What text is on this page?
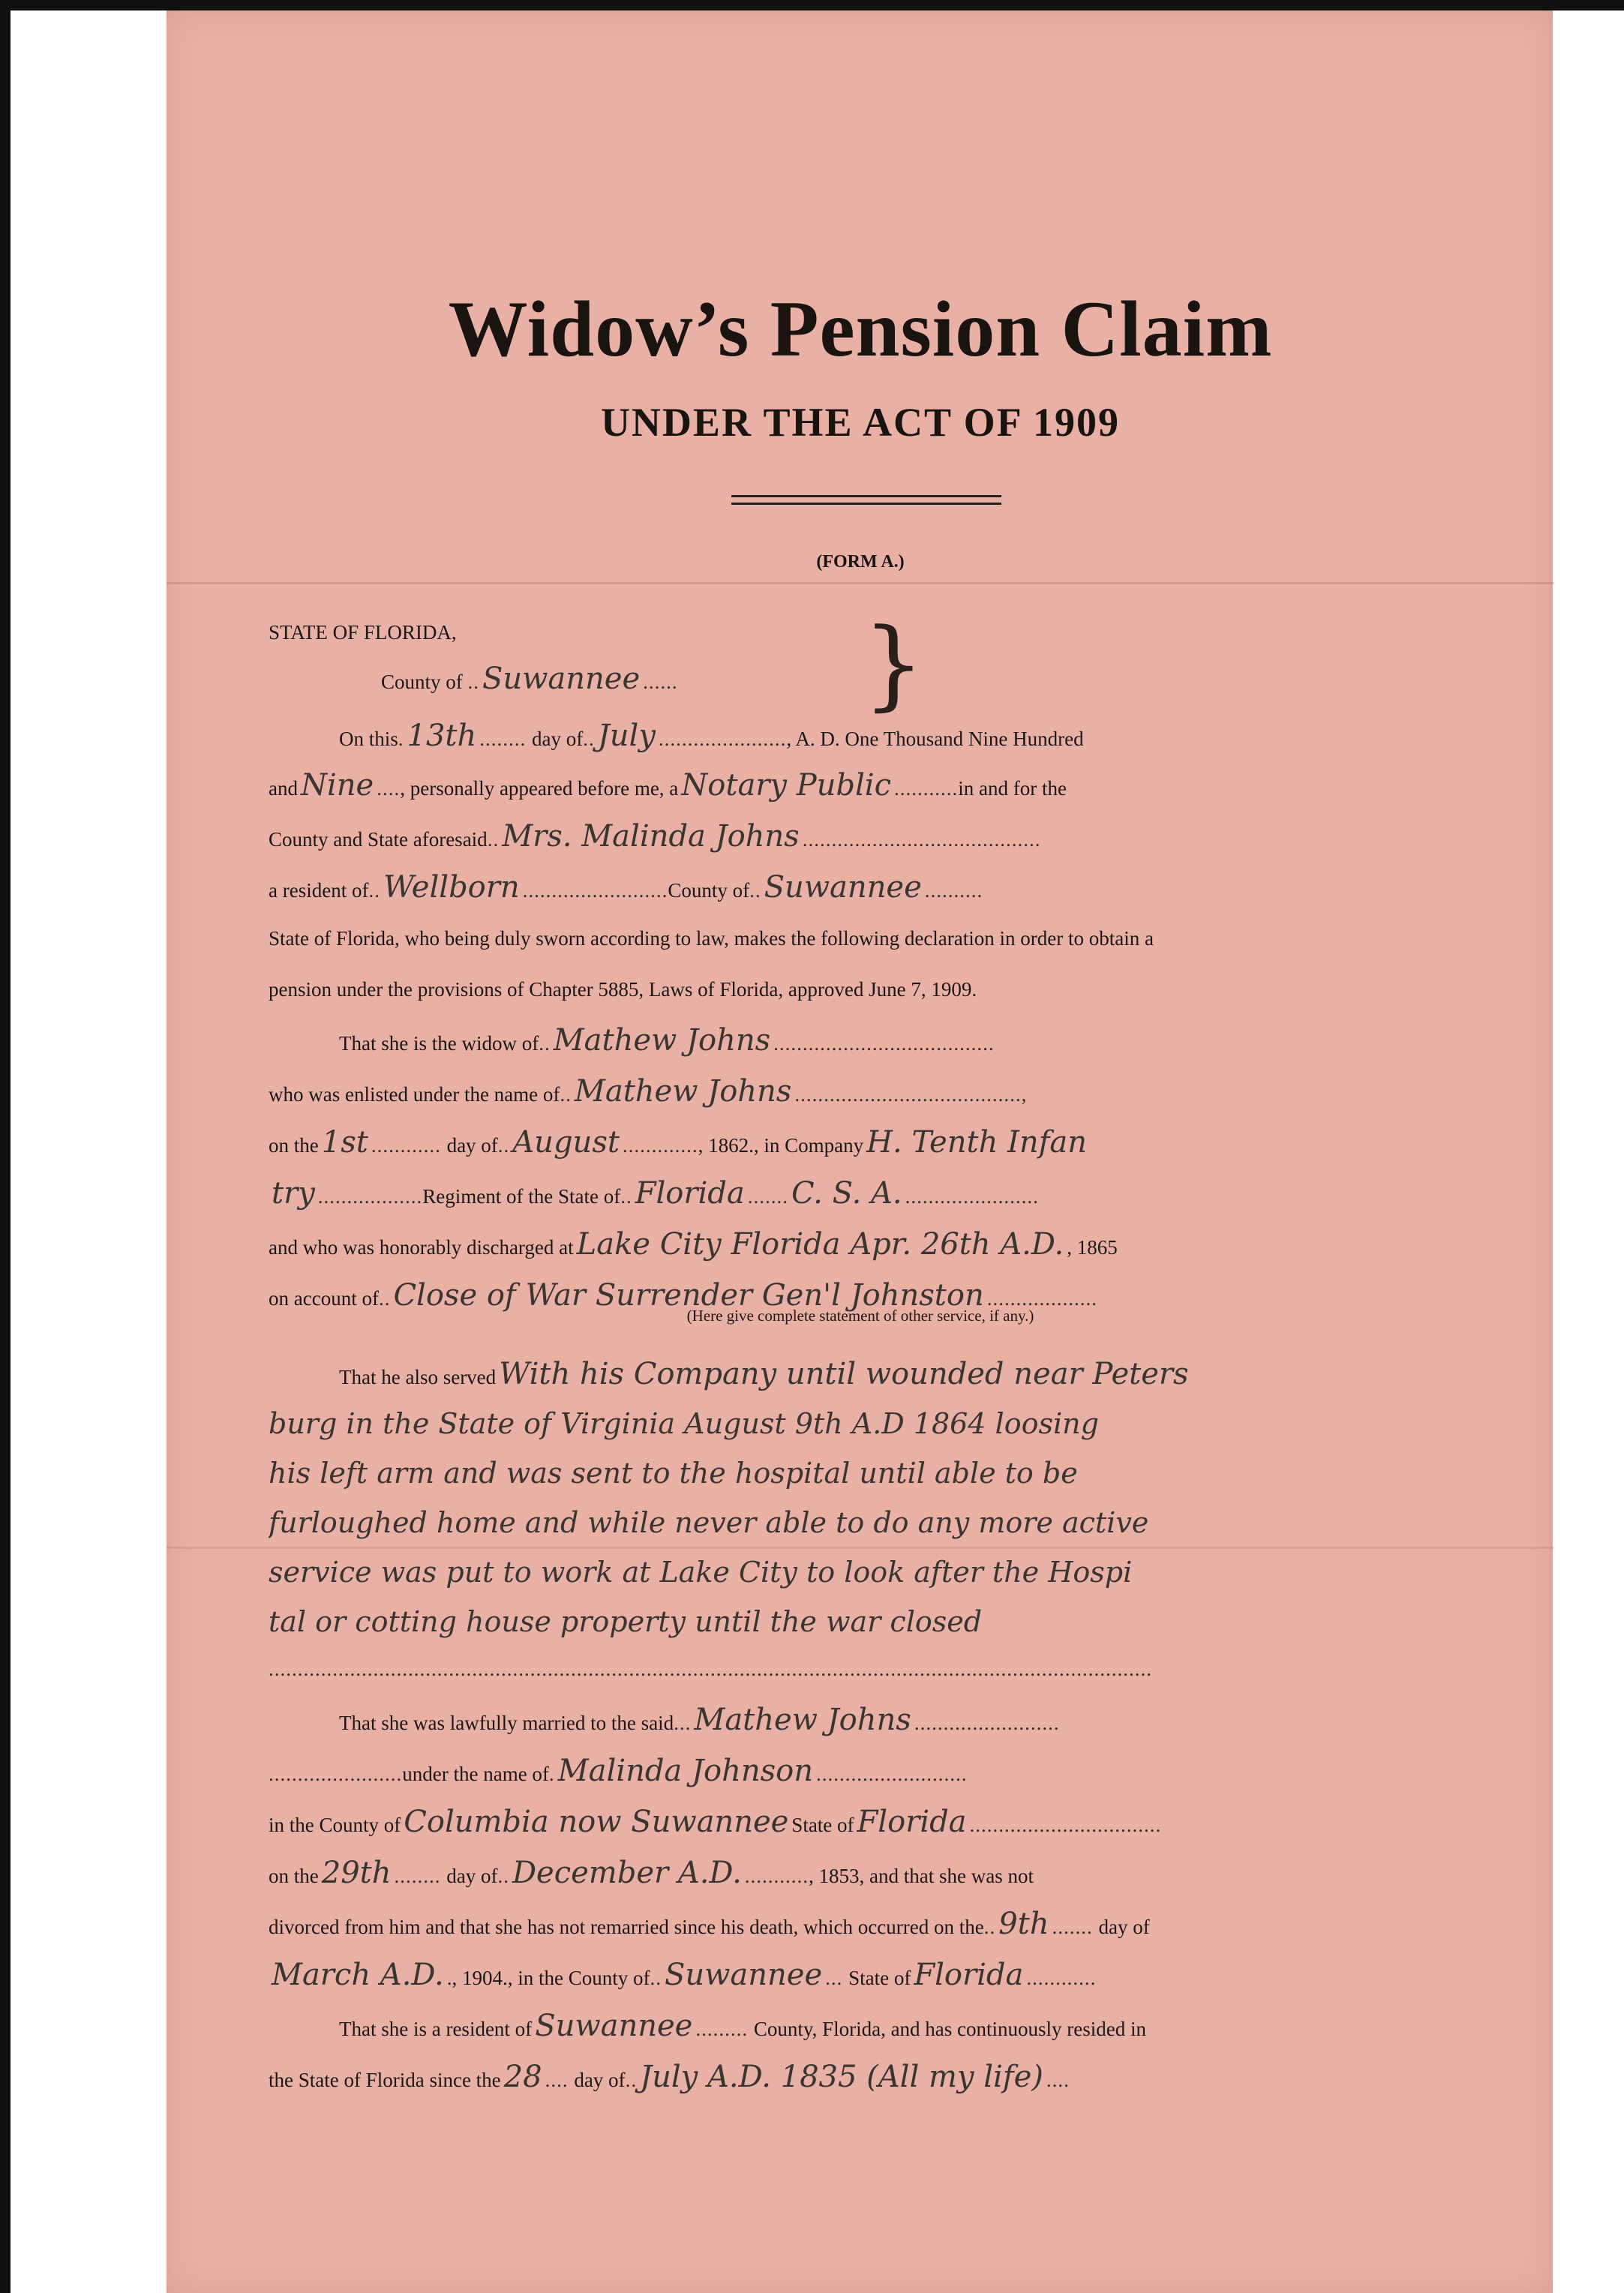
Widow’s Pension Claim
UNDER THE ACT OF 1909
(FORM A.)
STATE OF FLORIDA,
County of .. Suwannee ......	}
On this. 13th ........ day of.. July ......................, A. D. One Thousand Nine Hundred
and Nine ...., personally appeared before me, a Notary Public ...........in and for the
County and State aforesaid.. Mrs. Malinda Johns .........................................
a resident of.. Wellborn .........................County of.. Suwannee ..........
State of Florida, who being duly sworn according to law, makes the following declaration in order to obtain a
pension under the provisions of Chapter 5885, Laws of Florida, approved June 7, 1909.
That she is the widow of.. Mathew Johns ......................................
who was enlisted under the name of.. Mathew Johns .......................................,
on the 1st ............ day of.. August ............., 1862., in Company H. Tenth Infan
try ..................Regiment of the State of.. Florida ....... C. S. A. .......................
and who was honorably discharged at Lake City Florida Apr. 26th A.D. , 1865
on account of.. Close of War Surrender Gen'l Johnston ...................
(Here give complete statement of other service, if any.)
That he also served With his Company until wounded near Peters
burg in the State of Virginia August 9th A.D 1864 loosing
his left arm and was sent to the hospital until able to be
furloughed home and while never able to do any more active
service was put to work at Lake City to look after the Hospi
tal or cotting house property until the war closed
........................................................................................................................................................
That she was lawfully married to the said... Mathew Johns .........................
.......................under the name of. Malinda Johnson ..........................
in the County of Columbia now Suwannee State of Florida .................................
on the 29th ........ day of.. December A.D. ..........., 1853, and that she was not
divorced from him and that she has not remarried since his death, which occurred on the.. 9th ....... day of
March A.D. ., 1904., in the County of.. Suwannee ... State of Florida ............
That she is a resident of Suwannee ......... County, Florida, and has continuously resided in
the State of Florida since the 28 .... day of.. July A.D. 1835 (All my life) ....
